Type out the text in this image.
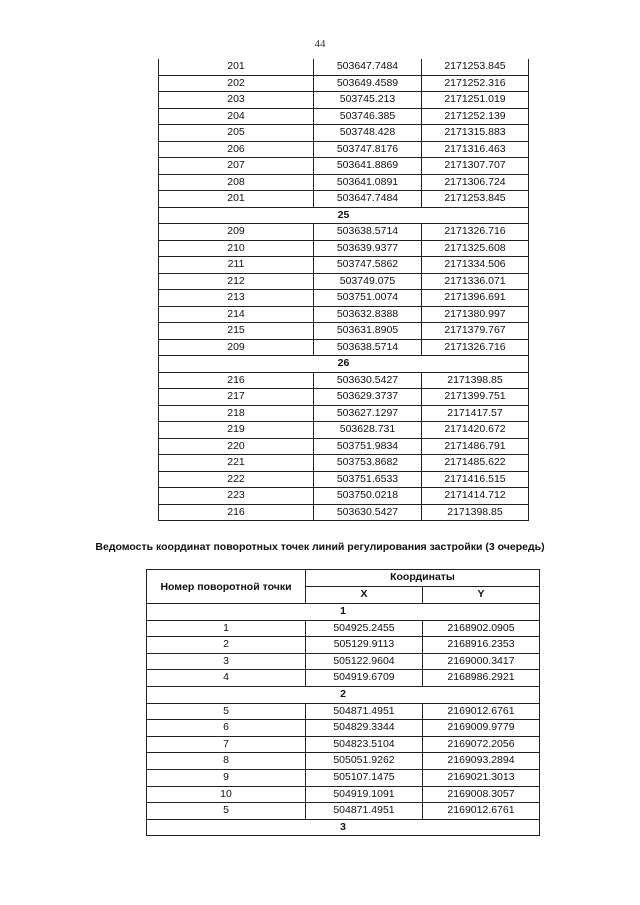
44
201	503647.7484	2171253.845
202	503649.4589	2171252.316
203	503745.213	2171251.019
204	503746.385	2171252.139
205	503748.428	2171315.883
206	503747.8176	2171316.463
207	503641.8869	2171307.707
208	503641.0891	2171306.724
201	503647.7484	2171253.845
25		
209	503638.5714	2171326.716
210	503639.9377	2171325.608
211	503747.5862	2171334.506
212	503749.075	2171336.071
213	503751.0074	2171396.691
214	503632.8388	2171380.997
215	503631.8905	2171379.767
209	503638.5714	2171326.716
26		
216	503630.5427	2171398.85
217	503629.3737	2171399.751
218	503627.1297	2171417.57
219	503628.731	2171420.672
220	503751.9834	2171486.791
221	503753.8682	2171485.622
222	503751.6533	2171416.515
223	503750.0218	2171414.712
216	503630.5427	2171398.85
Ведомость координат поворотных точек линий регулирования застройки (3 очередь)
Номер поворотной точки	Координаты	
	X	Y
1		
1	504925.2455	2168902.0905
2	505129.9113	2168916.2353
3	505122.9604	2169000.3417
4	504919.6709	2168986.2921
2		
5	504871.4951	2169012.6761
6	504829.3344	2169009.9779
7	504823.5104	2169072.2056
8	505051.9262	2169093.2894
9	505107.1475	2169021.3013
10	504919.1091	2169008.3057
5	504871.4951	2169012.6761
3		
